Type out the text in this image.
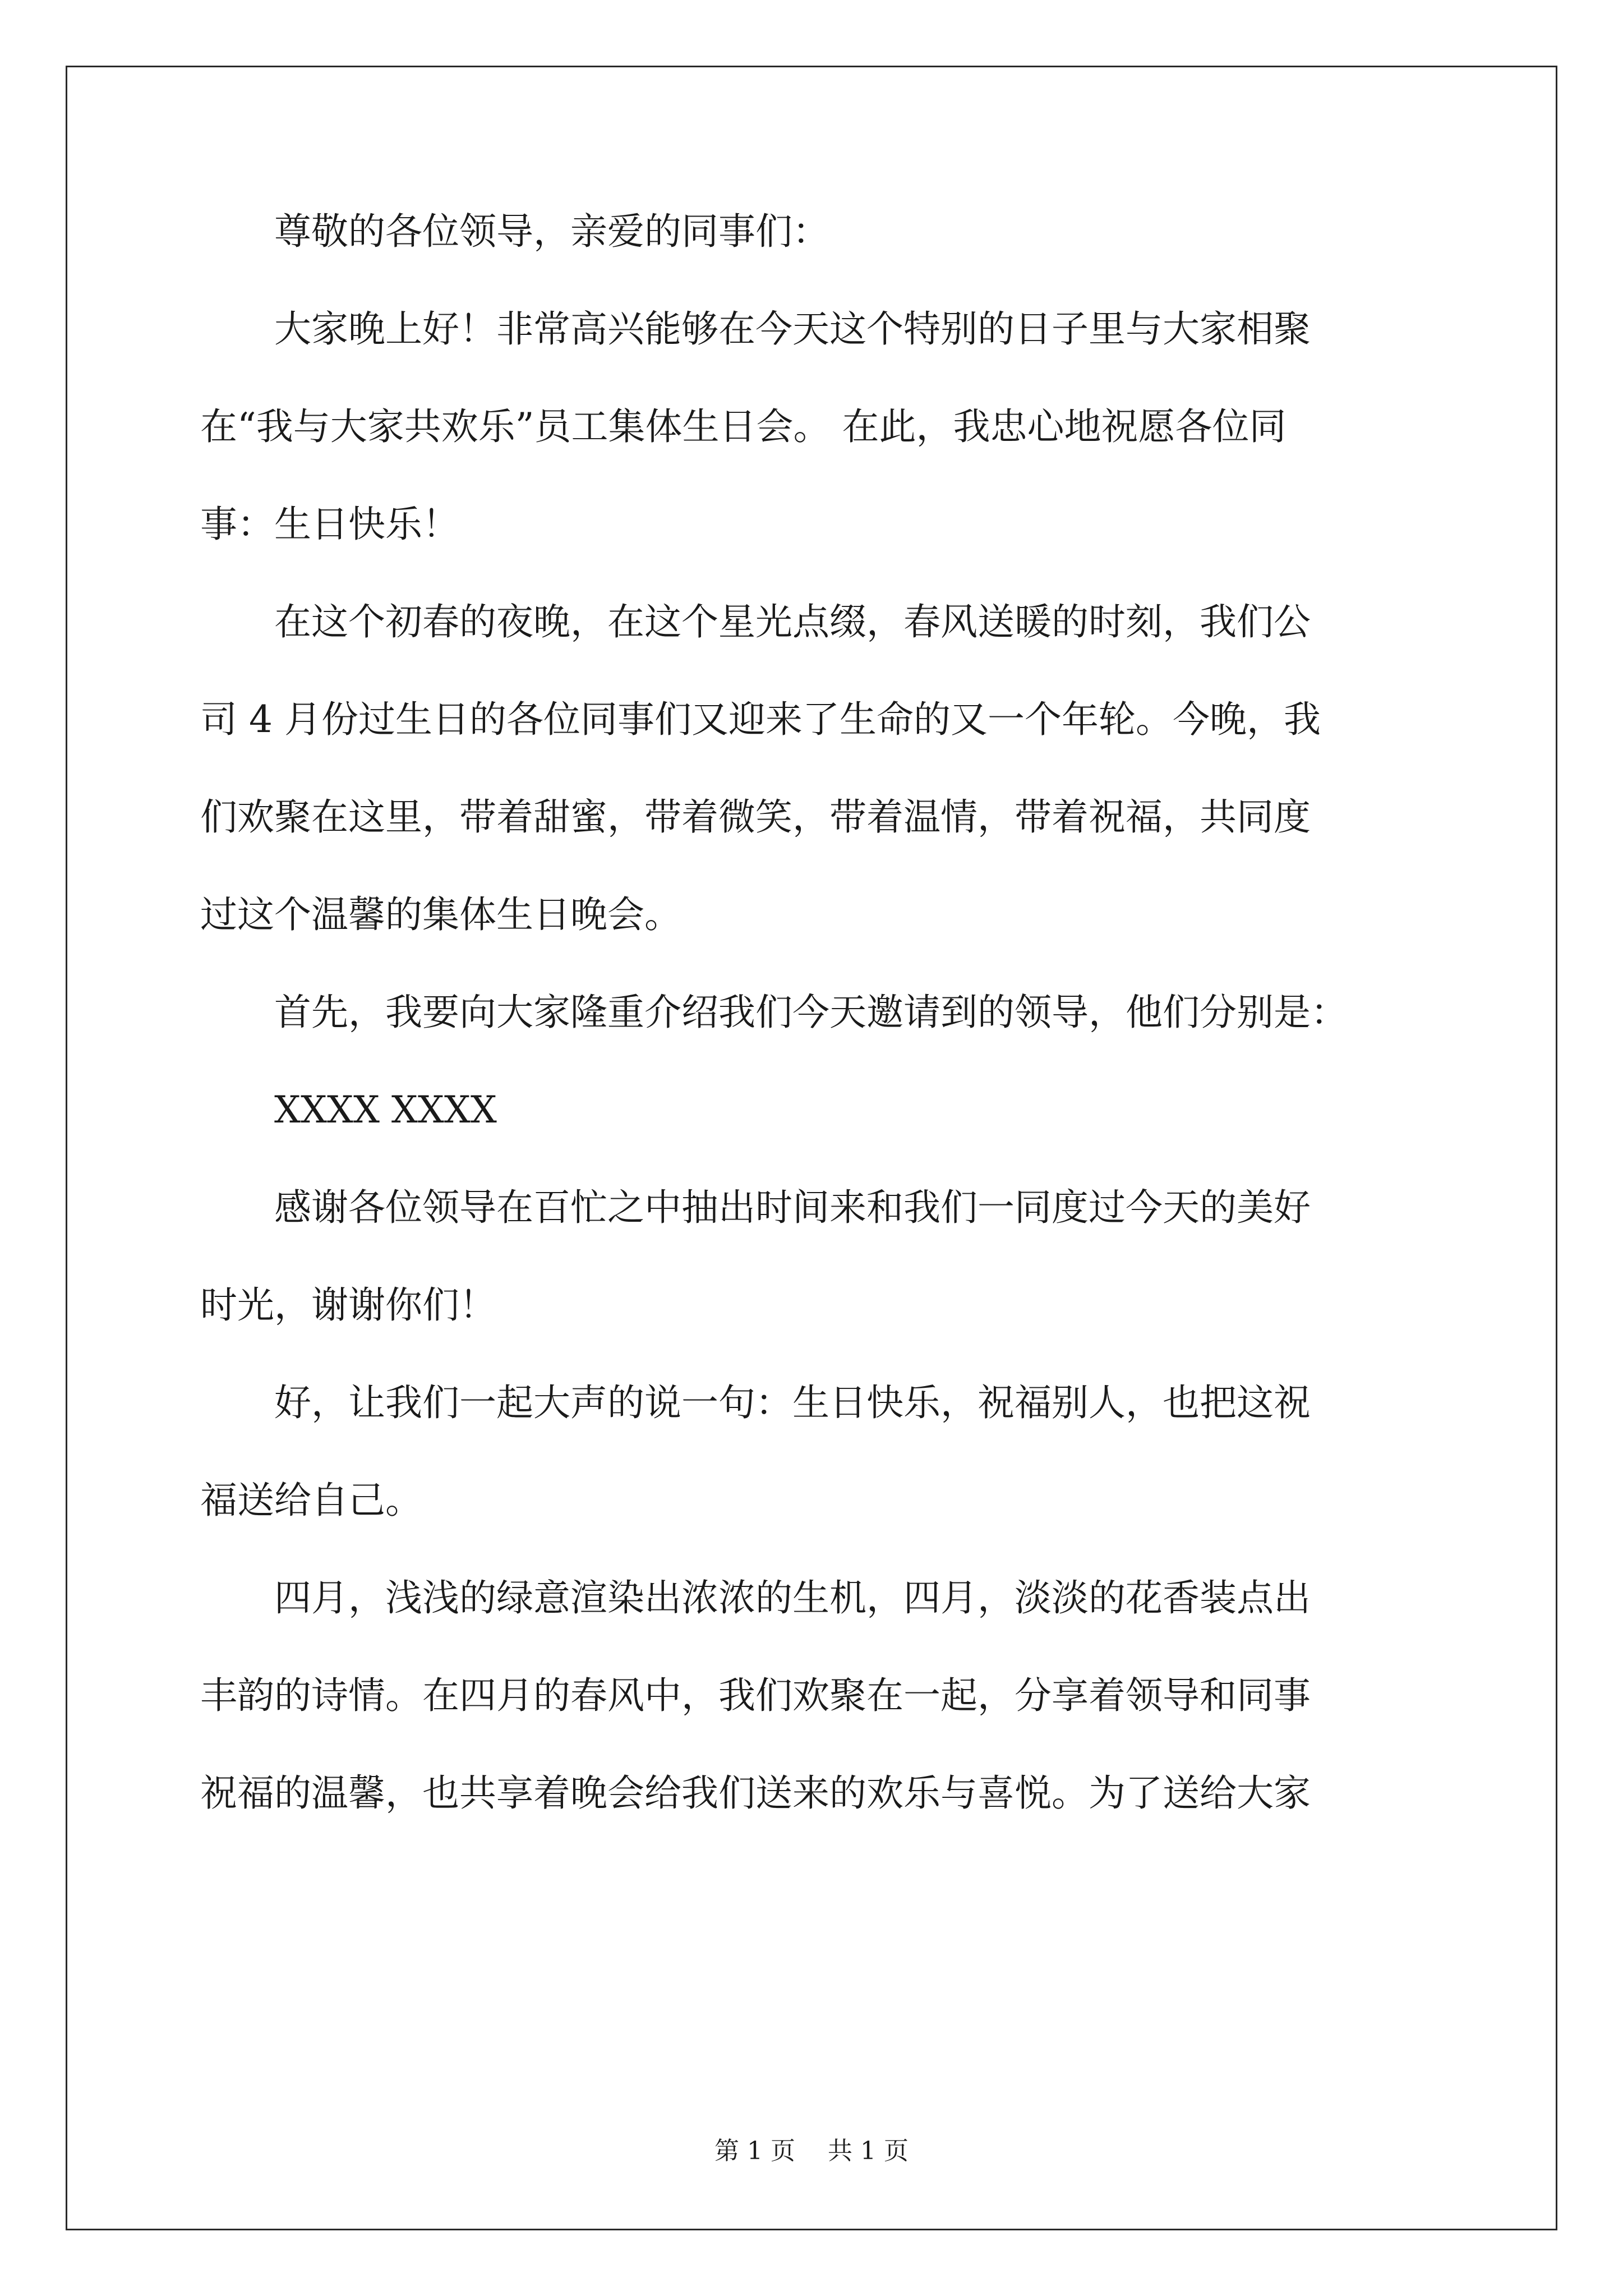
　　尊敬的各位领导，亲爱的同事们：

　　大家晚上好！非常高兴能够在今天这个特别的日子里与大家相聚

在“我与大家共欢乐”员工集体生日会。 在此，我忠心地祝愿各位同

事：生日快乐！

　　在这个初春的夜晚，在这个星光点缀，春风送暖的时刻，我们公

司 4 月份过生日的各位同事们又迎来了生命的又一个年轮。今晚，我

们欢聚在这里，带着甜蜜，带着微笑，带着温情，带着祝福，共同度

过这个温馨的集体生日晚会。

　　首先，我要向大家隆重介绍我们今天邀请到的领导，他们分别是：

　　XXXX XXXX

　　感谢各位领导在百忙之中抽出时间来和我们一同度过今天的美好

时光，谢谢你们！

　　好，让我们一起大声的说一句：生日快乐，祝福别人，也把这祝

福送给自己。

　　四月，浅浅的绿意渲染出浓浓的生机，四月，淡淡的花香装点出

丰韵的诗情。在四月的春风中，我们欢聚在一起，分享着领导和同事

祝福的温馨，也共享着晚会给我们送来的欢乐与喜悦。为了送给大家

第 1 页　 共 1 页
